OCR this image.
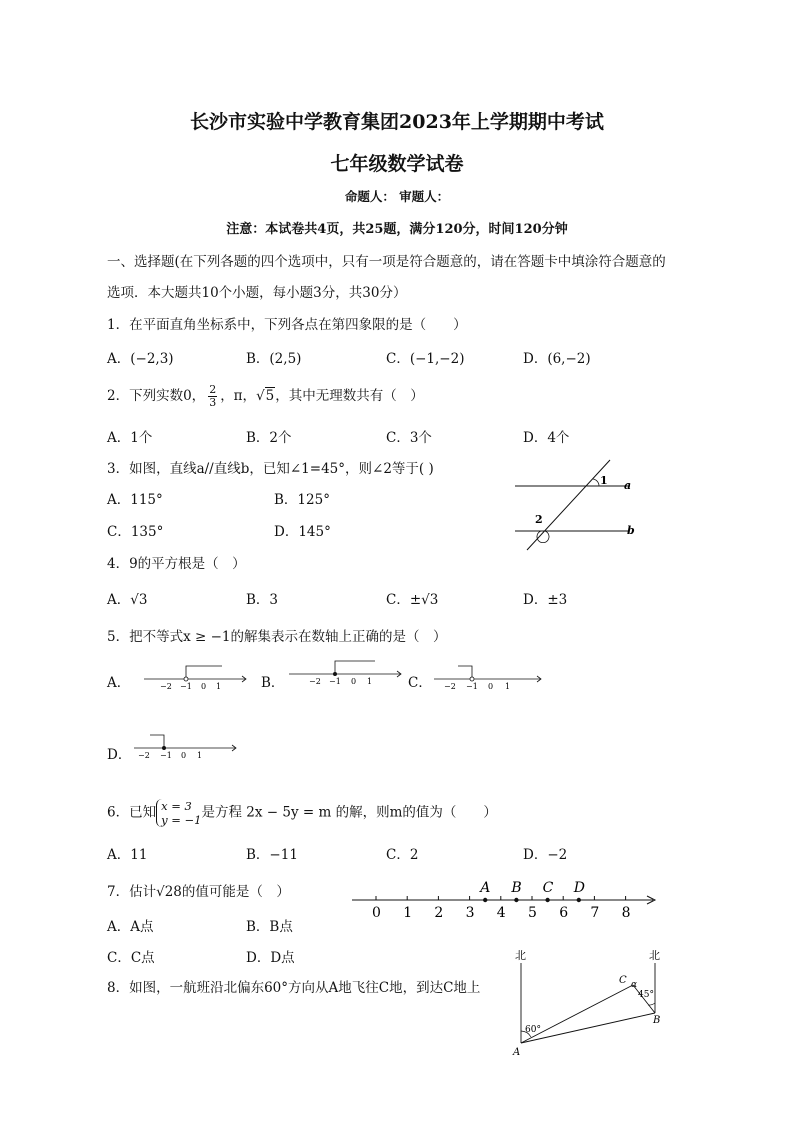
长沙市实验中学教育集团2023年上学期期中考试
七年级数学试卷
命题人： 审题人：
注意：本试卷共4页，共25题，满分120分，时间120分钟
一、选择题(在下列各题的四个选项中，只有一项是符合题意的，请在答题卡中填涂符合题意的
选项．本大题共10个小题，每小题3分，共30分）
1．在平面直角坐标系中，下列各点在第四象限的是（　　）
A．(−2,3)	B．(2,5)	C．(−1,−2)	D．(6,−2)
2．下列实数0， $\frac{2}{3}$ ，π，√5，其中无理数共有（　）
A．1个	B．2个	C．3个	D．4个
3．如图，直线a//直线b，已知∠1=45°，则∠2等于( )
A．115°	B．125°
C．135°	D．145°
1
2
a
b
4．9的平方根是（　）
A．√3	B．3	C．±√3	D．±3
5．把不等式x ≥ −1的解集表示在数轴上正确的是（　）
A．	−2 −1 0 1	B．	−2 −1 0 1	C． −2 −1 0 1
D． −2 −1 0 1
6．已知 x = 3
y = −1 是方程 2x − 5y = m 的解，则m的值为（　　）
A．11	B．−11	C．2	D．−2
7．估计√28的值可能是（　）
A．A点	B．B点
C．C点	D．D点
0 1 2 3 4 5 6 7 8
A B C D
8．如图，一航班沿北偏东60°方向从A地飞往C地，到达C地上
北	北
A
B
C α
60°
45°
